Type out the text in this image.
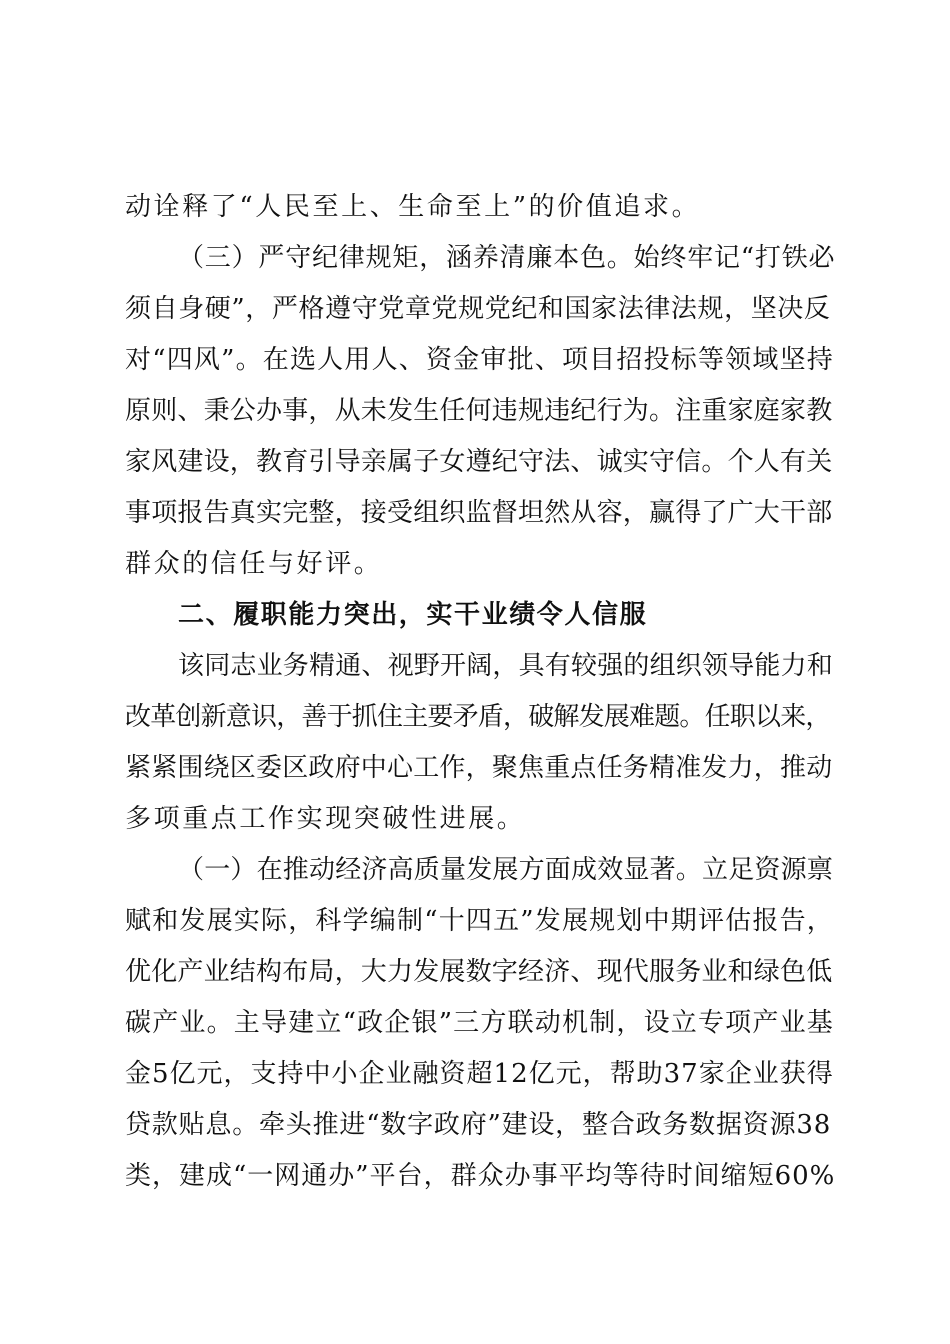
动诠释了“人民至上、生命至上”的价值追求。
（三）严守纪律规矩，涵养清廉本色。始终牢记“打铁必
须自身硬”，严格遵守党章党规党纪和国家法律法规，坚决反
对“四风”。在选人用人、资金审批、项目招投标等领域坚持
原则、秉公办事，从未发生任何违规违纪行为。注重家庭家教
家风建设，教育引导亲属子女遵纪守法、诚实守信。个人有关
事项报告真实完整，接受组织监督坦然从容，赢得了广大干部
群众的信任与好评。
二、履职能力突出，实干业绩令人信服
该同志业务精通、视野开阔，具有较强的组织领导能力和
改革创新意识，善于抓住主要矛盾，破解发展难题。任职以来，
紧紧围绕区委区政府中心工作，聚焦重点任务精准发力，推动
多项重点工作实现突破性进展。
（一）在推动经济高质量发展方面成效显著。立足资源禀
赋和发展实际，科学编制“十四五”发展规划中期评估报告，
优化产业结构布局，大力发展数字经济、现代服务业和绿色低
碳产业。主导建立“政企银”三方联动机制，设立专项产业基
金5亿元，支持中小企业融资超12亿元，帮助37家企业获得
贷款贴息。牵头推进“数字政府”建设，整合政务数据资源38
类，建成“一网通办”平台，群众办事平均等待时间缩短60%
